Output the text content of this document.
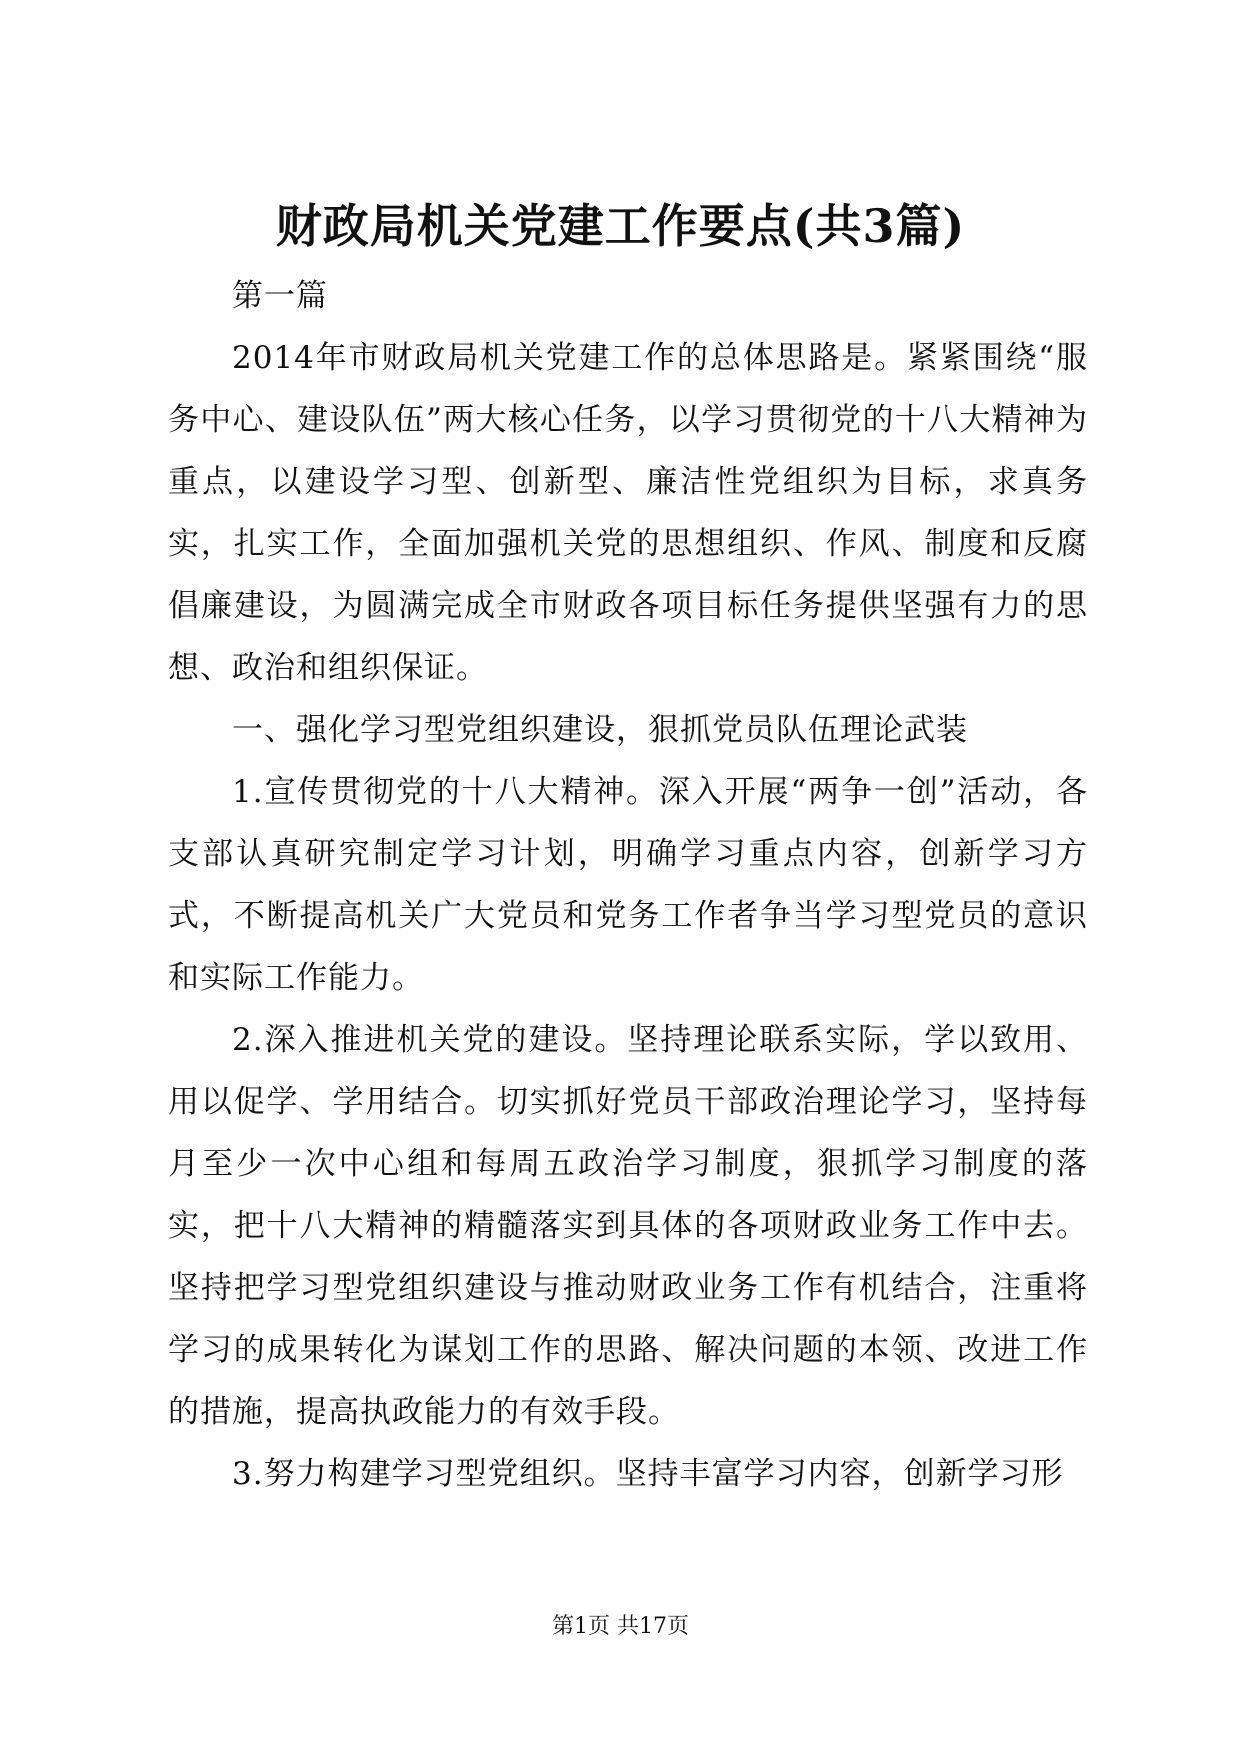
财政局机关党建工作要点(共3篇)

第一篇

2014年市财政局机关党建工作的总体思路是。紧紧围绕“服务中心、建设队伍”两大核心任务，以学习贯彻党的十八大精神为重点，以建设学习型、创新型、廉洁性党组织为目标，求真务实，扎实工作，全面加强机关党的思想组织、作风、制度和反腐倡廉建设，为圆满完成全市财政各项目标任务提供坚强有力的思想、政治和组织保证。

一、强化学习型党组织建设，狠抓党员队伍理论武装

1.宣传贯彻党的十八大精神。深入开展“两争一创”活动，各支部认真研究制定学习计划，明确学习重点内容，创新学习方式，不断提高机关广大党员和党务工作者争当学习型党员的意识和实际工作能力。

2.深入推进机关党的建设。坚持理论联系实际，学以致用、用以促学、学用结合。切实抓好党员干部政治理论学习，坚持每月至少一次中心组和每周五政治学习制度，狠抓学习制度的落实，把十八大精神的精髓落实到具体的各项财政业务工作中去。坚持把学习型党组织建设与推动财政业务工作有机结合，注重将学习的成果转化为谋划工作的思路、解决问题的本领、改进工作的措施，提高执政能力的有效手段。

3.努力构建学习型党组织。坚持丰富学习内容，创新学习形

第1页 共17页
